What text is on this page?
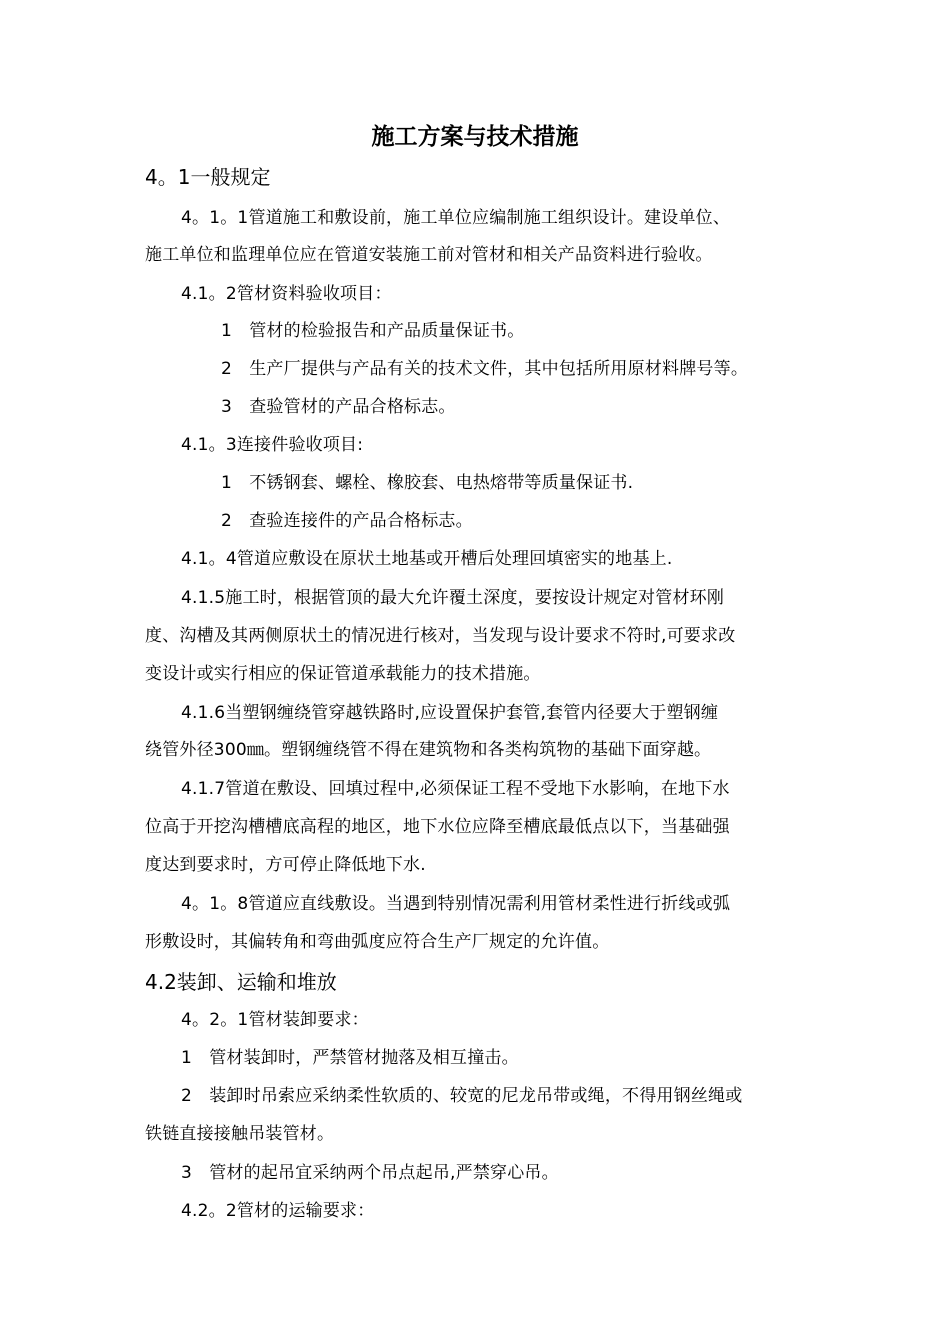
施工方案与技术措施
4。1一般规定
4。1。1管道施工和敷设前，施工单位应编制施工组织设计。建设单位、
施工单位和监理单位应在管道安装施工前对管材和相关产品资料进行验收。
4.1。2管材资料验收项目：
1　管材的检验报告和产品质量保证书。
2　生产厂提供与产品有关的技术文件，其中包括所用原材料牌号等。
3　查验管材的产品合格标志。
4.1。3连接件验收项目:
1　不锈钢套、螺栓、橡胶套、电热熔带等质量保证书.
2　查验连接件的产品合格标志。
4.1。4管道应敷设在原状土地基或开槽后处理回填密实的地基上.
4.1.5施工时，根据管顶的最大允许覆土深度，要按设计规定对管材环刚
度、沟槽及其两侧原状土的情况进行核对，当发现与设计要求不符时,可要求改
变设计或实行相应的保证管道承载能力的技术措施。
4.1.6当塑钢缠绕管穿越铁路时,应设置保护套管,套管内径要大于塑钢缠
绕管外径300㎜。塑钢缠绕管不得在建筑物和各类构筑物的基础下面穿越。
4.1.7管道在敷设、回填过程中,必须保证工程不受地下水影响，在地下水
位高于开挖沟槽槽底高程的地区，地下水位应降至槽底最低点以下，当基础强
度达到要求时，方可停止降低地下水.
4。1。8管道应直线敷设。当遇到特别情况需利用管材柔性进行折线或弧
形敷设时，其偏转角和弯曲弧度应符合生产厂规定的允许值。
4.2装卸、运输和堆放
4。2。1管材装卸要求：
1　管材装卸时，严禁管材抛落及相互撞击。
2　装卸时吊索应采纳柔性软质的、较宽的尼龙吊带或绳，不得用钢丝绳或
铁链直接接触吊装管材。
3　管材的起吊宜采纳两个吊点起吊,严禁穿心吊。
4.2。2管材的运输要求：
